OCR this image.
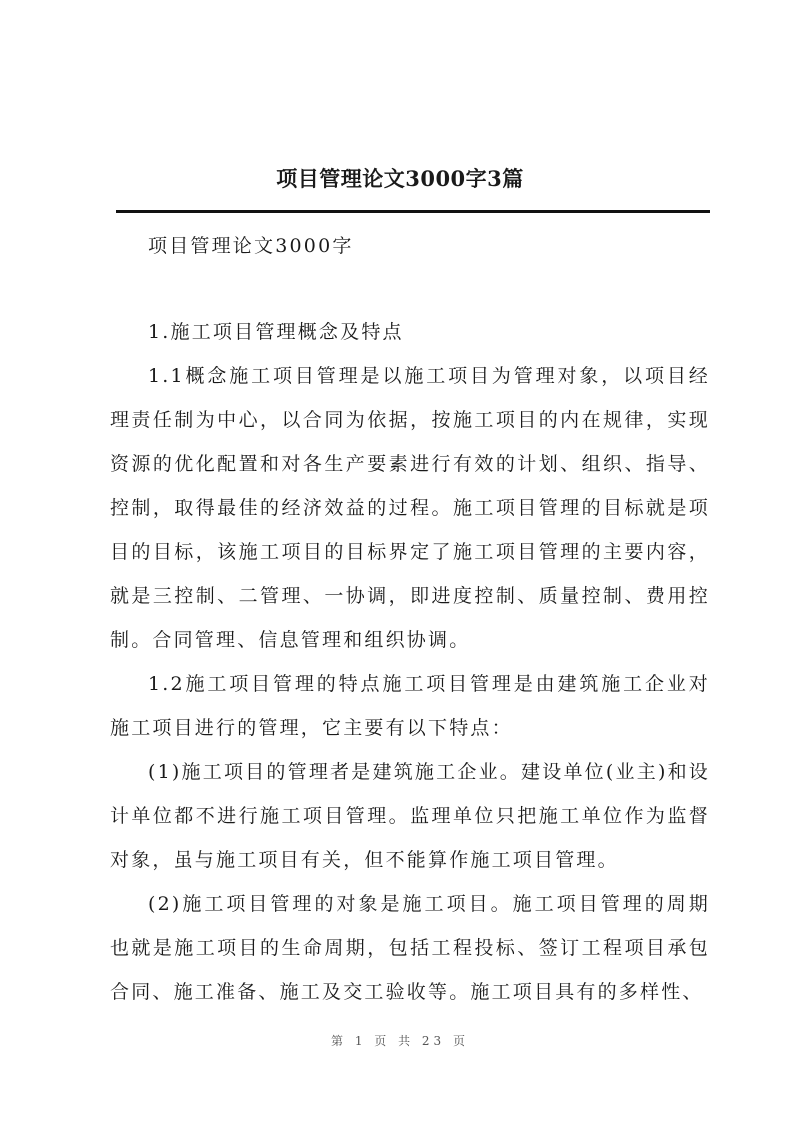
项目管理论文3000字3篇

项目管理论文3000字

1.施工项目管理概念及特点

1.1概念施工项目管理是以施工项目为管理对象，以项目经理责任制为中心，以合同为依据，按施工项目的内在规律，实现资源的优化配置和对各生产要素进行有效的计划、组织、指导、控制，取得最佳的经济效益的过程。施工项目管理的目标就是项目的目标，该施工项目的目标界定了施工项目管理的主要内容，就是三控制、二管理、一协调，即进度控制、质量控制、费用控制。合同管理、信息管理和组织协调。

1.2施工项目管理的特点施工项目管理是由建筑施工企业对施工项目进行的管理，它主要有以下特点：

(1)施工项目的管理者是建筑施工企业。建设单位(业主)和设计单位都不进行施工项目管理。监理单位只把施工单位作为监督对象，虽与施工项目有关，但不能算作施工项目管理。

(2)施工项目管理的对象是施工项目。施工项目管理的周期也就是施工项目的生命周期，包括工程投标、签订工程项目承包合同、施工准备、施工及交工验收等。施工项目具有的多样性、

第 1 页 共 23 页
